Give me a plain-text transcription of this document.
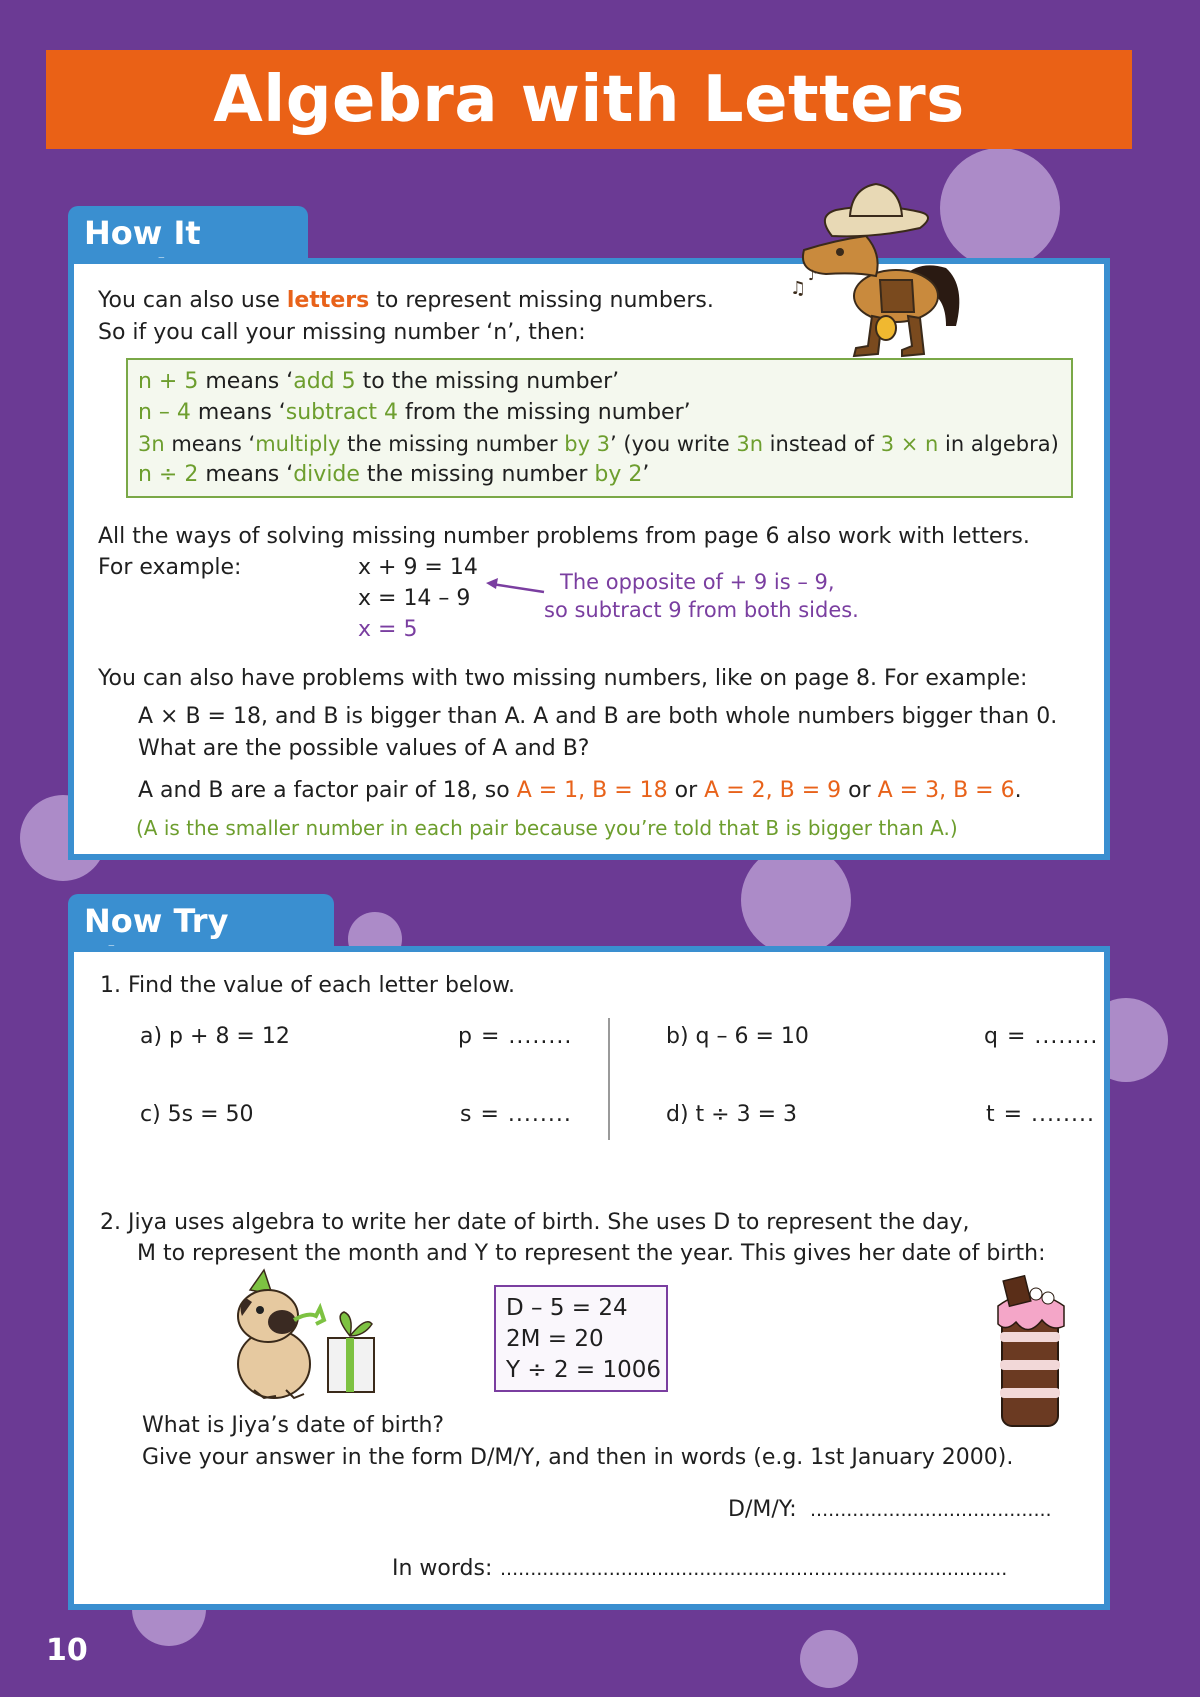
Algebra with Letters
How It
♫
♪
You can also use letters to represent missing numbers.
So if you call your missing number ‘n’, then:
n + 5 means ‘add 5 to the missing number’
n – 4 means ‘subtract 4 from the missing number’
3n means ‘multiply the missing number by 3’ (you write 3n instead of 3 × n in algebra)
n ÷ 2 means ‘divide the missing number by 2’
All the ways of solving missing number problems from page 6 also work with letters.
For example:	x + 9 = 14
x = 14 – 9
x = 5
The opposite of + 9 is – 9,
so subtract 9 from both sides.
You can also have problems with two missing numbers, like on page 8. For example:
A × B = 18, and B is bigger than A. A and B are both whole numbers bigger than 0.
What are the possible values of A and B?
A and B are a factor pair of 18, so A = 1, B = 18 or A = 2, B = 9 or A = 3, B = 6.
(A is the smaller number in each pair because you’re told that B is bigger than A.)
Now Try
1. Find the value of each letter below.
a) p + 8 = 12	p = ........	b) q – 6 = 10	q = ........
c) 5s = 50	s = ........	d) t ÷ 3 = 3	t = ........
2. Jiya uses algebra to write her date of birth. She uses D to represent the day,
M to represent the month and Y to represent the year. This gives her date of birth:
D – 5 = 24
2M = 20
Y ÷ 2 = 1006
What is Jiya’s date of birth?
Give your answer in the form D/M/Y, and then in words (e.g. 1st January 2000).
D/M/Y: ........................................
In words: ....................................................................................
10
